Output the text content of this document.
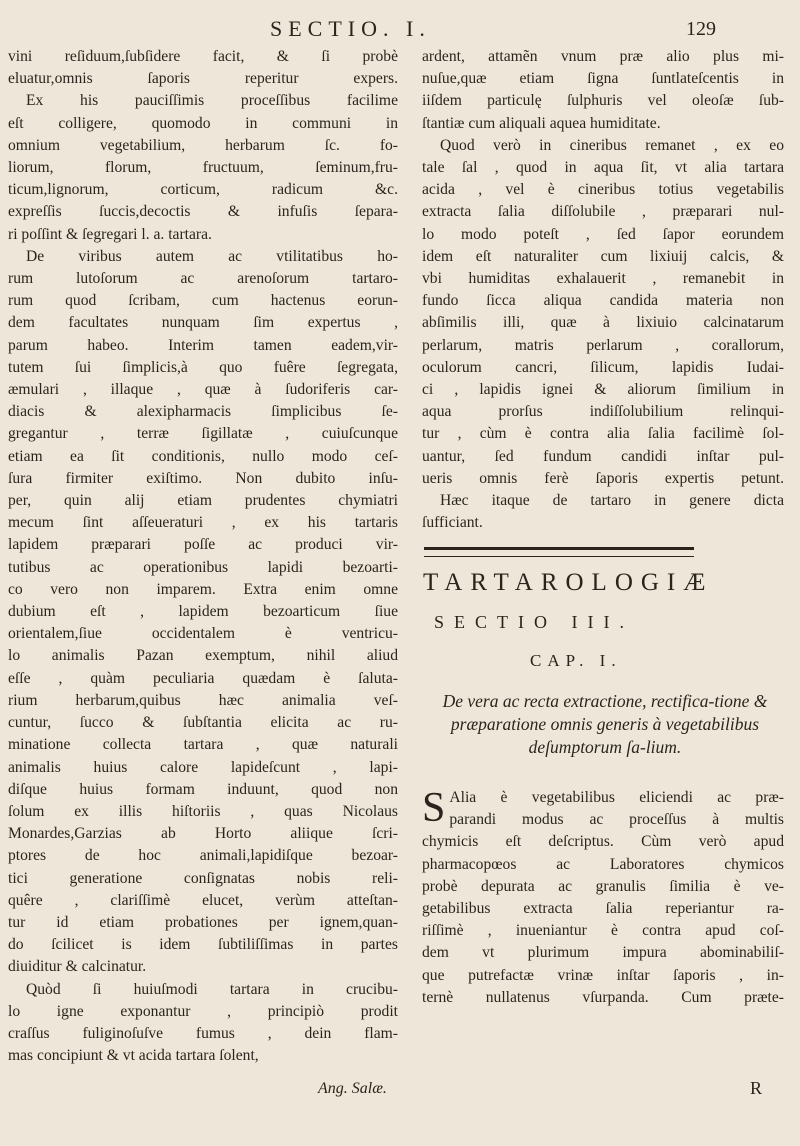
SECTIO. I.	129
vini reſiduum,ſubſidere facit, & ſi probè
eluatur,omnis ſaporis reperitur expers.
Ex his pauciſſimis proceſſibus facilime
eſt colligere, quomodo in communi in
omnium vegetabilium, herbarum ſc. fo-
liorum, florum, fructuum, ſeminum,fru-
ticum,lignorum, corticum, radicum &c.
expreſſis ſuccis,decoctis & infuſis ſepara-
ri poſſint & ſegregari l. a. tartara.
De viribus autem ac vtilitatibus ho-
rum lutoſorum ac arenoſorum tartaro-
rum quod ſcribam, cum hactenus eorun-
dem facultates nunquam ſim expertus ,
parum habeo. Interim tamen eadem,vir-
tutem ſui ſimplicis,à quo fuêre ſegregata,
æmulari , illaque , quæ à ſudoriferis car-
diacis & alexipharmacis ſimplicibus ſe-
gregantur , terræ ſigillatæ , cuiuſcunque
etiam ea ſit conditionis, nullo modo ceſ-
ſura firmiter exiſtimo. Non dubito inſu-
per, quin alij etiam prudentes chymiatri
mecum ſint aſſeueraturi , ex his tartaris
lapidem præparari poſſe ac produci vir-
tutibus ac operationibus lapidi bezoarti-
co vero non imparem. Extra enim omne
dubium eſt , lapidem bezoarticum ſiue
orientalem,ſiue occidentalem è ventricu-
lo animalis Pazan exemptum, nihil aliud
eſſe , quàm peculiaria quædam è ſaluta-
rium herbarum,quibus hæc animalia veſ-
cuntur, ſucco & ſubſtantia elicita ac ru-
minatione collecta tartara , quæ naturali
animalis huius calore lapideſcunt , lapi-
diſque huius formam induunt, quod non
ſolum ex illis hiſtoriis , quas Nicolaus
Monardes,Garzias ab Horto aliique ſcri-
ptores de hoc animali,lapidiſque bezoar-
tici generatione conſignatas nobis reli-
quêre , clariſſimè elucet, verùm atteſtan-
tur id etiam probationes per ignem,quan-
do ſcilicet is idem ſubtiliſſimas in partes
diuiditur & calcinatur.
Quòd ſi huiuſmodi tartara in crucibu-
lo igne exponantur , principiò prodit
craſſus fuliginoſuſve fumus , dein flam-
mas concipiunt & vt acida tartara ſolent,
ardent, attamẽn vnum præ alio plus mi-
nuſue,quæ etiam ſigna ſuntlateſcentis in
iiſdem particulę ſulphuris vel oleoſæ ſub-
ſtantiæ cum aliquali aquea humiditate.
Quod verò in cineribus remanet , ex eo
tale ſal , quod in aqua ſit, vt alia tartara
acida , vel è cineribus totius vegetabilis
extracta ſalia diſſolubile , præparari nul-
lo modo poteſt , ſed ſapor eorundem
idem eſt naturaliter cum lixiuij calcis, &
vbi humiditas exhalauerit , remanebit in
fundo ſicca aliqua candida materia non
abſimilis illi, quæ à lixiuio calcinatarum
perlarum, matris perlarum , corallorum,
oculorum cancri, ſilicum, lapidis Iudai-
ci , lapidis ignei & aliorum ſimilium in
aqua prorſus indiſſolubilium relinqui-
tur , cùm è contra alia ſalia facilimè ſol-
uantur, ſed fundum candidi inſtar pul-
ueris omnis ferè ſaporis expertis petunt.
Hæc itaque de tartaro in genere dicta
ſufficiant.
TARTAROLOGIÆ
SECTIO III.
CAP. I.
De vera ac recta extractione, rectifica-tione & præparatione omnis generis à vegetabilibus deſumptorum ſa-lium.
S Alia è vegetabilibus eliciendi ac præ-
parandi modus ac proceſſus à multis
chymicis eſt deſcriptus. Cùm verò apud
pharmacopœos ac Laboratores chymicos
probè depurata ac granulis ſimilia è ve-
getabilibus extracta ſalia reperiantur ra-
riſſimè , inueniantur è contra apud coſ-
dem vt plurimum impura abominabiliſ-
que putrefactæ vrinæ inſtar ſaporis , in-
ternè nullatenus vſurpanda. Cum præte-
Ang. Salæ.	R
